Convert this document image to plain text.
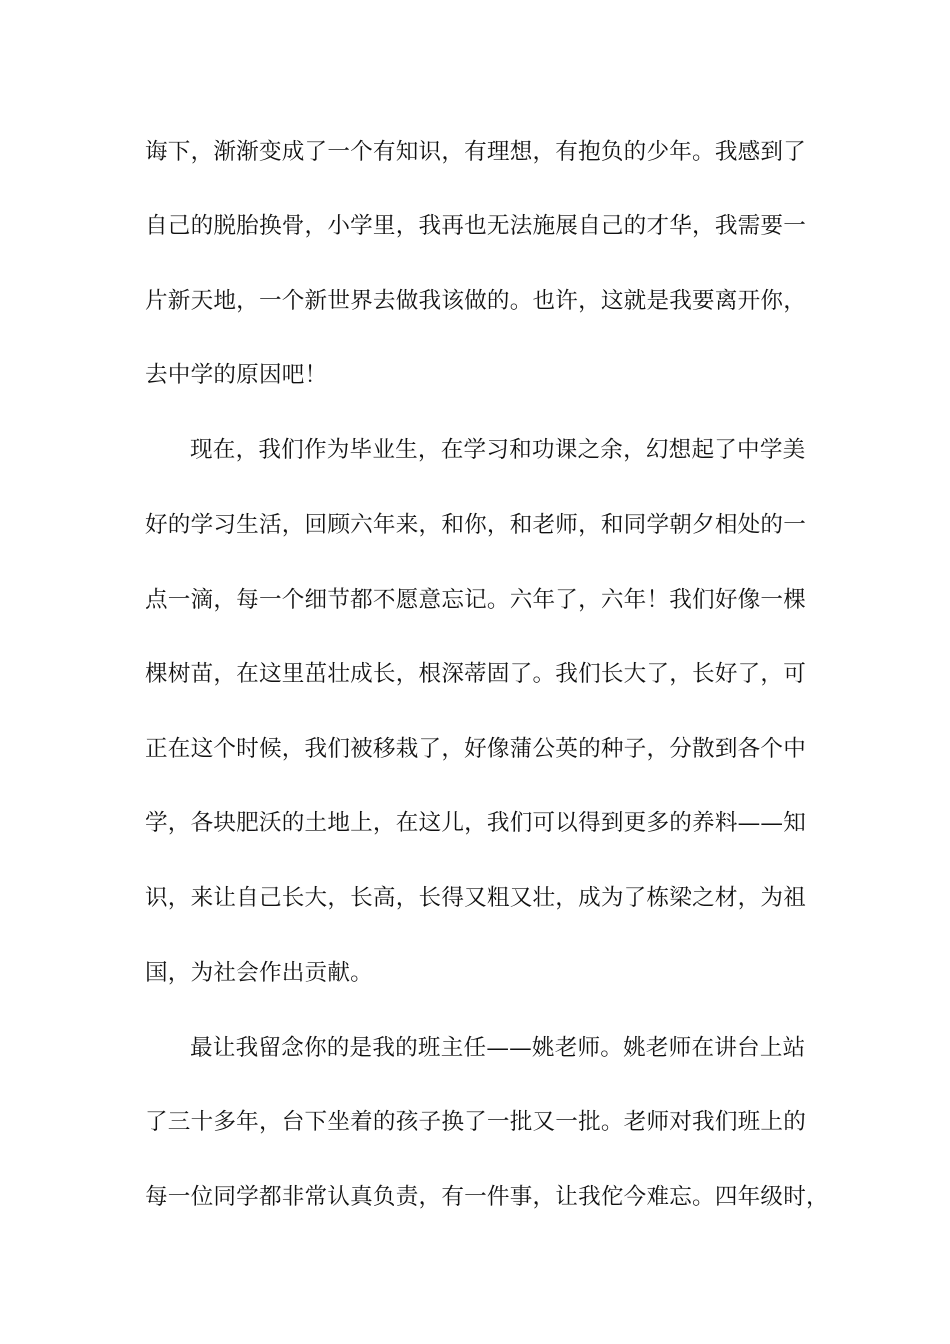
诲下，渐渐变成了一个有知识，有理想，有抱负的少年。我感到了
自己的脱胎换骨，小学里，我再也无法施展自己的才华，我需要一
片新天地，一个新世界去做我该做的。也许，这就是我要离开你，
去中学的原因吧！
现在，我们作为毕业生，在学习和功课之余，幻想起了中学美
好的学习生活，回顾六年来，和你，和老师，和同学朝夕相处的一
点一滴，每一个细节都不愿意忘记。六年了，六年！我们好像一棵
棵树苗，在这里茁壮成长，根深蒂固了。我们长大了，长好了，可
正在这个时候，我们被移栽了，好像蒲公英的种子，分散到各个中
学，各块肥沃的土地上，在这儿，我们可以得到更多的养料——知
识，来让自己长大，长高，长得又粗又壮，成为了栋梁之材，为祖
国，为社会作出贡献。
最让我留念你的是我的班主任——姚老师。姚老师在讲台上站
了三十多年，台下坐着的孩子换了一批又一批。老师对我们班上的
每一位同学都非常认真负责，有一件事，让我佗今难忘。四年级时，
